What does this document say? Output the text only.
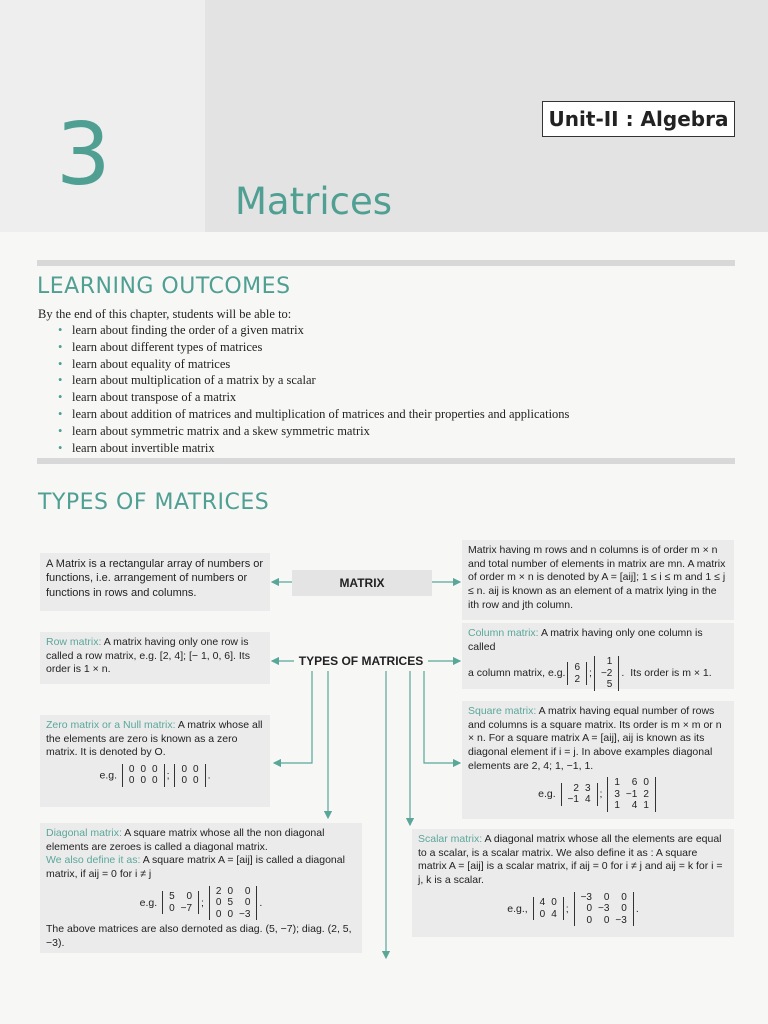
3	Matrices
Unit-II : Algebra
LEARNING OUTCOMES
By the end of this chapter, students will be able to:
• learn about finding the order of a given matrix
• learn about different types of matrices
• learn about equality of matrices
• learn about multiplication of a matrix by a scalar
• learn about transpose of a matrix
• learn about addition of matrices and multiplication of matrices and their properties and applications
• learn about symmetric matrix and a skew symmetric matrix
• learn about invertible matrix
TYPES OF MATRICES
MATRIX
TYPES OF MATRICES
A Matrix is a rectangular array of numbers or functions, i.e. arrangement of numbers or functions in rows and columns.
Matrix having m rows and n columns is of order m × n and total number of elements in matrix are mn. A matrix of order m × n is denoted by A = [aij]; 1 ≤ i ≤ m and 1 ≤ j ≤ n. aij is known as an element of a matrix lying in the ith row and jth column.
Row matrix: A matrix having only one row is called a row matrix, e.g. [2, 4]; [− 1, 0, 6]. Its order is 1 × n.
Column matrix: A matrix having only one column is called
a column matrix, e.g. 6
2
;
1
−2
5
. Its order is m × 1.
Zero matrix or a Null matrix: A matrix whose all the elements are zero is known as a zero matrix. It is denoted by O.
e.g. 0
0
0
0
0
0 ; 0
0
0
0 .
Square matrix: A matrix having equal number of rows and columns is a square matrix. Its order is m × m or n × n. For a square matrix A = [aij], aij is known as its diagonal element if i = j. In above examples diagonal elements are 2, 4; 1, −1, 1.
e.g.	2
−1
3
4 ;
1
3
1
6
−1
4
0
2
1
Diagonal matrix: A square matrix whose all the non diagonal elements are zeroes is called a diagonal matrix.
We also define it as: A square matrix A = [aij] is called a diagonal matrix, if aij = 0 for i ≠ j
e.g. 5
0
0
−7 ;
2
0
0
0
5
0
0
0
−3
.
The above matrices are also dernoted as diag. (5, −7); diag. (2, 5, −3).
Scalar matrix: A diagonal matrix whose all the elements are equal to a scalar, is a scalar matrix. We also define it as : A square matrix A = [aij] is a scalar matrix, if aij = 0 for i ≠ j and aij = k for i = j, k is a scalar.
e.g., 4
0
0
4 ;
−3
0
0
0
−3
0
0
0
−3
.
